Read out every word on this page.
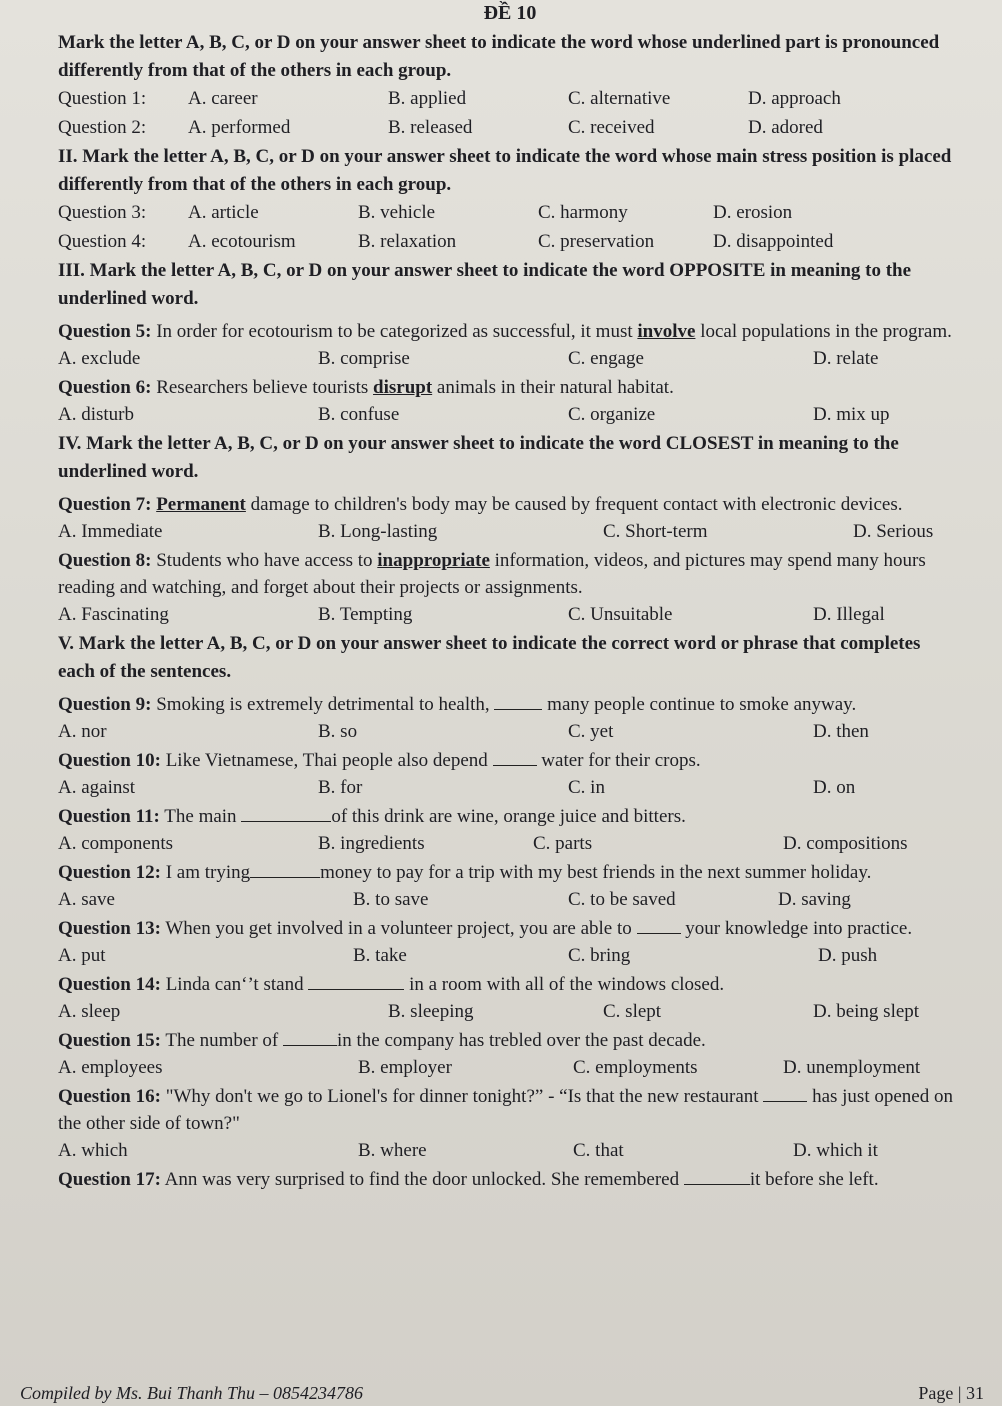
ĐỀ 10

Mark the letter A, B, C, or D on your answer sheet to indicate the word whose underlined part is pronounced differently from that of the others in each group.

Question 1:	A. career	B. applied	C. alternative	D. approach
Question 2:	A. performed	B. released	C. received	D. adored

II. Mark the letter A, B, C, or D on your answer sheet to indicate the word whose main stress position is placed differently from that of the others in each group.

Question 3:	A. article	B. vehicle	C. harmony	D. erosion
Question 4:	A. ecotourism	B. relaxation	C. preservation	D. disappointed

III. Mark the letter A, B, C, or D on your answer sheet to indicate the word OPPOSITE in meaning to the underlined word.

Question 5: In order for ecotourism to be categorized as successful, it must involve local populations in the program.

A. exclude	B. comprise	C. engage	D. relate

Question 6: Researchers believe tourists disrupt animals in their natural habitat.

A. disturb	B. confuse	C. organize	D. mix up

IV. Mark the letter A, B, C, or D on your answer sheet to indicate the word CLOSEST in meaning to the underlined word.

Question 7: Permanent damage to children's body may be caused by frequent contact with electronic devices.

A. Immediate	B. Long-lasting	C. Short-term	D. Serious

Question 8: Students who have access to inappropriate information, videos, and pictures may spend many hours reading and watching, and forget about their projects or assignments.

A. Fascinating	B. Tempting	C. Unsuitable	D. Illegal

V. Mark the letter A, B, C, or D on your answer sheet to indicate the correct word or phrase that completes each of the sentences.

Question 9: Smoking is extremely detrimental to health,	many people continue to smoke anyway.

A. nor	B. so	C. yet	D. then

Question 10: Like Vietnamese, Thai people also depend  water for their crops.

A. against	B. for	C. in	D. on

Question 11: The main	of this drink are wine, orange juice and bitters.

A. components	B. ingredients	C. parts	D. compositions

Question 12: I am trying	money to pay for a trip with my best friends in the next summer holiday.

A. save	B. to save	C. to be saved	D. saving

Question 13: When you get involved in a volunteer project, you are able to  your knowledge into practice.

A. put	B. take	C. bring	D. push

Question 14: Linda can‘’t stand	in a room with all of the windows closed.

A. sleep	B. sleeping	C. slept	D. being slept

Question 15: The number of	in the company has trebled over the past decade.

A. employees	B. employer	C. employments	D. unemployment

Question 16: "Why don't we go to Lionel's for dinner tonight?” - “Is that the new restaurant  has just opened on the other side of town?"

A. which	B. where	C. that	D. which it

Question 17: Ann was very surprised to find the door unlocked. She remembered	it before she left.

Compiled by Ms. Bui Thanh Thu – 0854234786	Page | 31
